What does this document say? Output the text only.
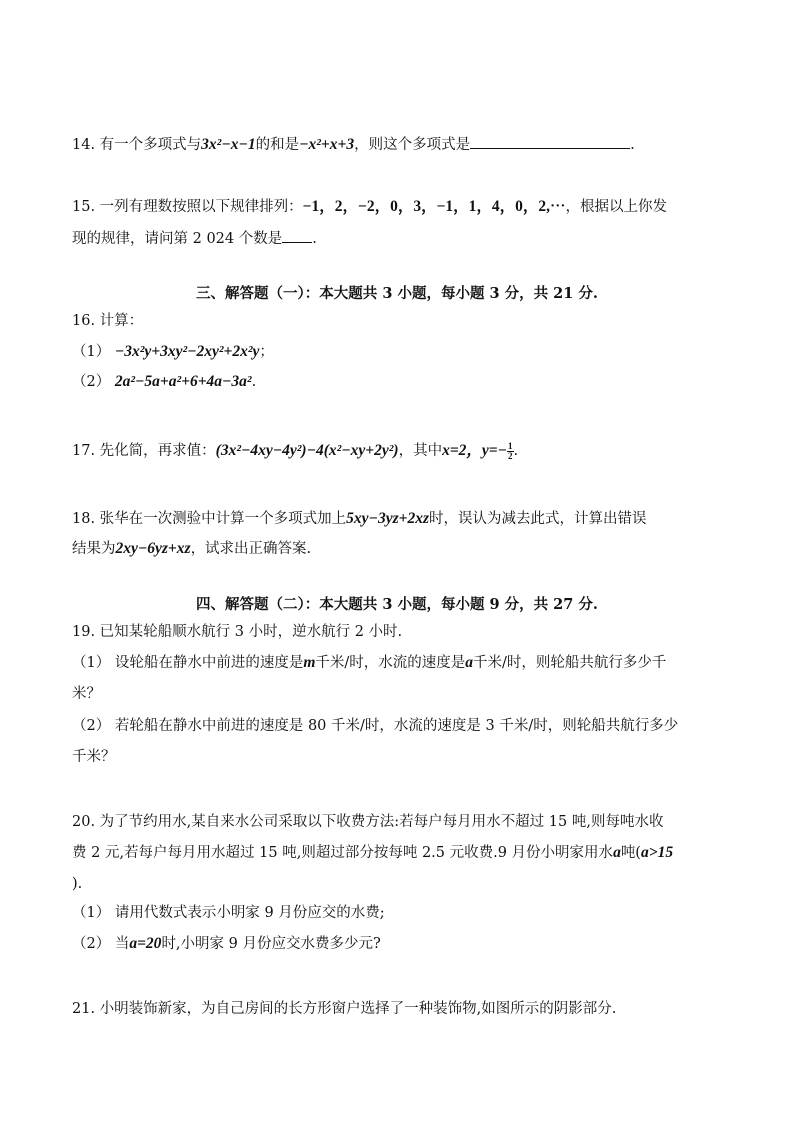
14. 有一个多项式与3x²−x−1的和是−x²+x+3，则这个多项式是	.
15. 一列有理数按照以下规律排列：−1，2，−2，0，3，−1，1，4，0，2,⋯，根据以上你发
现的规律，请问第 2 024 个数是 .
三、解答题（一）：本大题共 3 小题，每小题 3 分，共 21 分.
16. 计算：
（1） −3x²y+3xy²−2xy²+2x²y；
（2） 2a²−5a+a²+6+4a−3a².
17. 先化简，再求值：(3x²−4xy−4y²)−4(x²−xy+2y²)，其中x=2，$y=- \frac{1}{2}$ .
18. 张华在一次测验中计算一个多项式加上5xy−3yz+2xz时，误认为减去此式，计算出错误
结果为2xy−6yz+xz，试求出正确答案.
四、解答题（二）：本大题共 3 小题，每小题 9 分，共 27 分.
19. 已知某轮船顺水航行 3 小时，逆水航行 2 小时.
（1） 设轮船在静水中前进的速度是m千米/时，水流的速度是a千米/时，则轮船共航行多少千
米？
（2） 若轮船在静水中前进的速度是 80 千米/时，水流的速度是 3 千米/时，则轮船共航行多少
千米？
20. 为了节约用水,某自来水公司采取以下收费方法:若每户每月用水不超过 15 吨,则每吨水收
费 2 元,若每户每月用水超过 15 吨,则超过部分按每吨 2.5 元收费.9 月份小明家用水a吨(a>15
).
（1） 请用代数式表示小明家 9 月份应交的水费;
（2） 当a=20时,小明家 9 月份应交水费多少元?
21. 小明装饰新家，为自己房间的长方形窗户选择了一种装饰物,如图所示的阴影部分.
